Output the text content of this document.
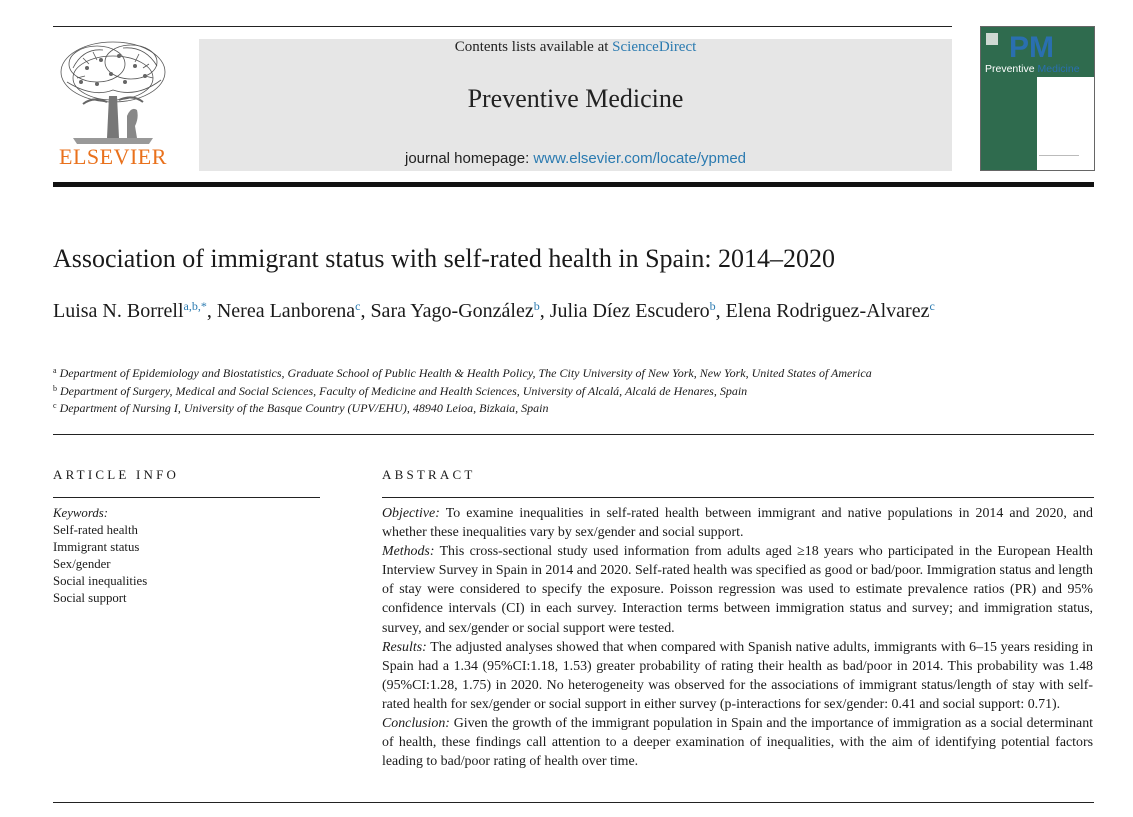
ELSEVIER
Contents lists available at ScienceDirect
Preventive Medicine
journal homepage: www.elsevier.com/locate/ypmed
PM
Preventive Medicine
Association of immigrant status with self-rated health in Spain: 2014–2020
Luisa N. Borrell$^{a,b,*}$, Nerea Lanborena$^c$, Sara Yago-González$^b$, Julia Díez Escudero$^b$, Elena Rodriguez-Alvarez$^c$
$^a$ Department of Epidemiology and Biostatistics, Graduate School of Public Health & Health Policy, The City University of New York, New York, United States of America
$^b$ Department of Surgery, Medical and Social Sciences, Faculty of Medicine and Health Sciences, University of Alcalá, Alcalá de Henares, Spain
$^c$ Department of Nursing I, University of the Basque Country (UPV/EHU), 48940 Leioa, Bizkaia, Spain
ARTICLE INFO
Keywords:
Self-rated health
Immigrant status
Sex/gender
Social inequalities
Social support
ABSTRACT

Objective: To examine inequalities in self-rated health between immigrant and native populations in 2014 and 2020, and whether these inequalities vary by sex/gender and social support.

Methods: This cross-sectional study used information from adults aged ≥18 years who participated in the European Health Interview Survey in Spain in 2014 and 2020. Self-rated health was specified as good or bad/poor. Immigration status and length of stay were considered to specify the exposure. Poisson regression was used to estimate prevalence ratios (PR) and 95% confidence intervals (CI) in each survey. Interaction terms between immigration status and survey; and immigration status, survey, and sex/gender or social support were tested.

Results: The adjusted analyses showed that when compared with Spanish native adults, immigrants with 6–15 years residing in Spain had a 1.34 (95%CI:1.18, 1.53) greater probability of rating their health as bad/poor in 2014. This probability was 1.48 (95%CI:1.28, 1.75) in 2020. No heterogeneity was observed for the associations of immigrant status/length of stay with self-rated health for sex/gender or social support in either survey (p-interactions for sex/gender: 0.41 and social support: 0.71).

Conclusion: Given the growth of the immigrant population in Spain and the importance of immigration as a social determinant of health, these findings call attention to a deeper examination of inequalities, with the aim of identifying potential factors leading to bad/poor rating of health over time.
